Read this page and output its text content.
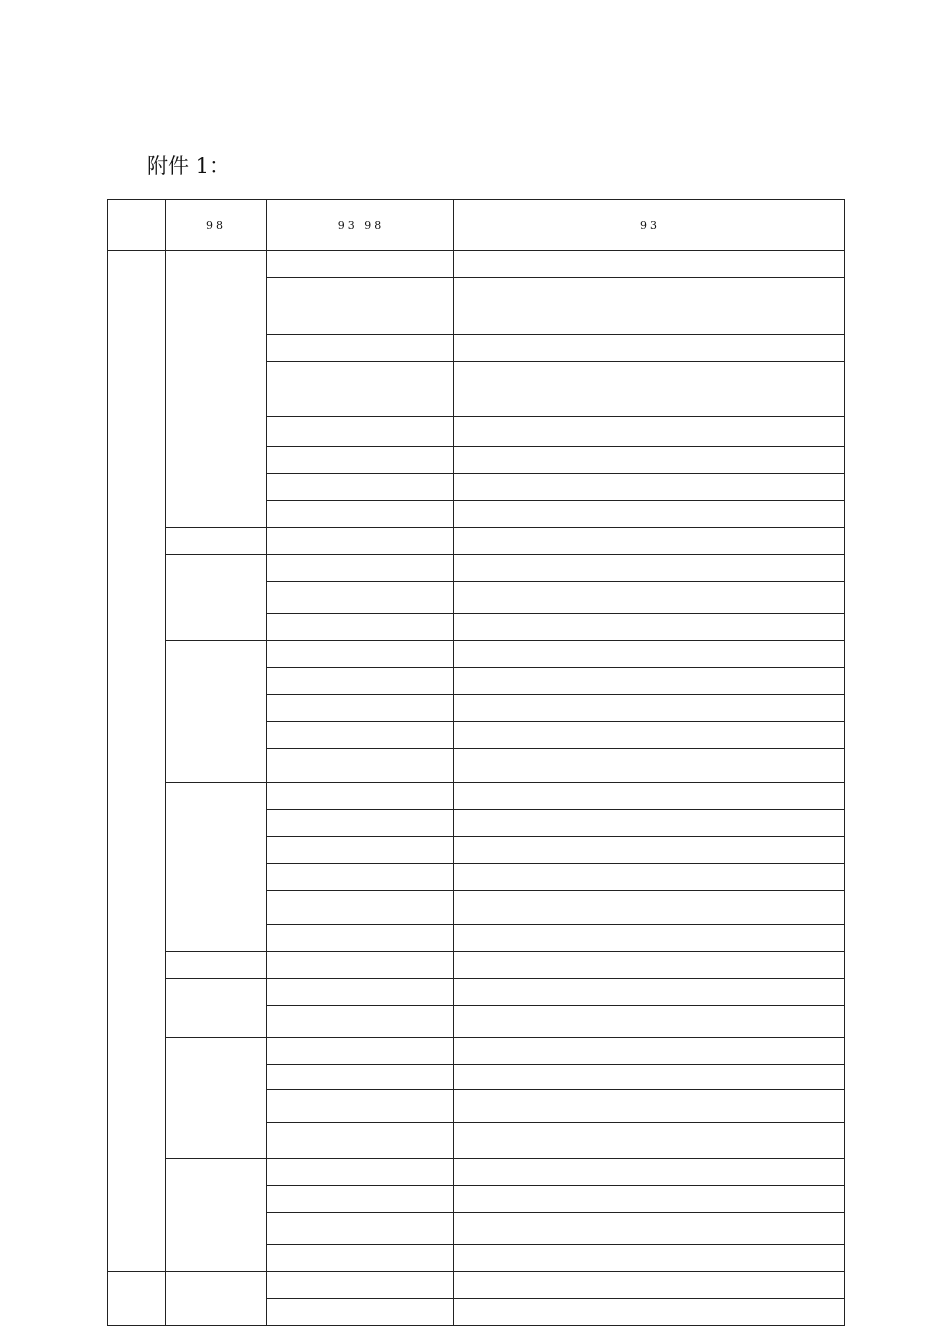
附件 1：
	98	93 98	93
